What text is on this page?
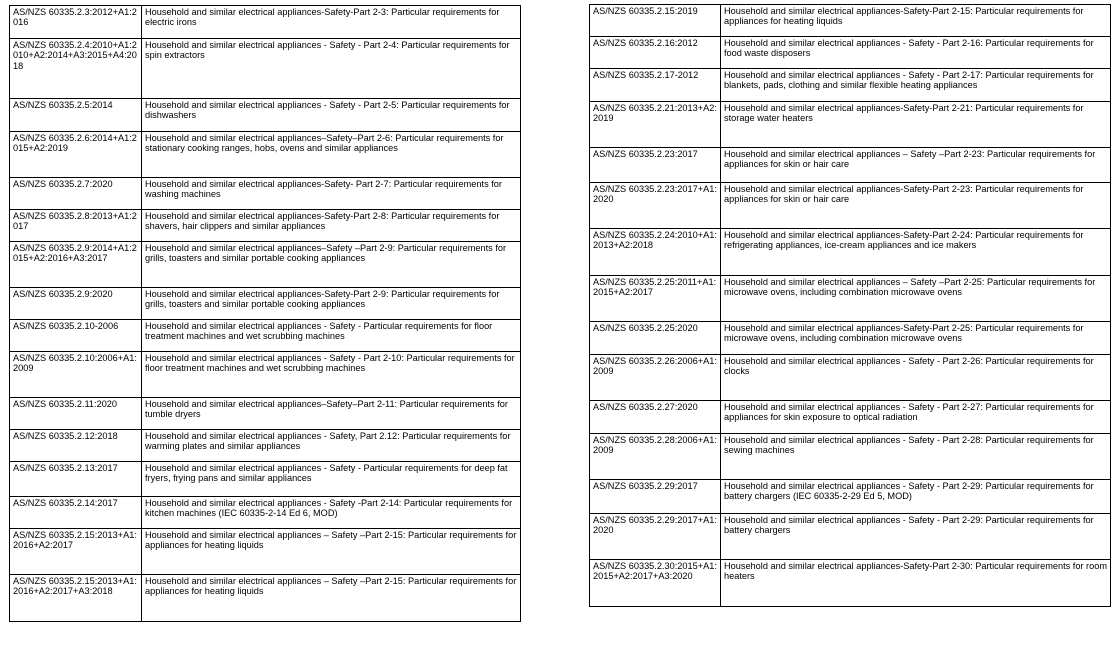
AS/NZS 60335.2.3:2012+A1:2016	Household and similar electrical appliances-Safety-Part 2-3: Particular requirements for electric irons
AS/NZS 60335.2.4:2010+A1:2010+A2:2014+A3:2015+A4:2018	Household and similar electrical appliances - Safety - Part 2-4: Particular requirements for spin extractors
AS/NZS 60335.2.5:2014	Household and similar electrical appliances - Safety - Part 2-5: Particular requirements for dishwashers
AS/NZS 60335.2.6:2014+A1:2015+A2:2019	Household and similar electrical appliances–Safety–Part 2-6: Particular requirements for stationary cooking ranges, hobs, ovens and similar appliances
AS/NZS 60335.2.7:2020	Household and similar electrical appliances-Safety- Part 2-7: Particular requirements for washing machines
AS/NZS 60335.2.8:2013+A1:2017	Household and similar electrical appliances-Safety-Part 2-8: Particular requirements for shavers, hair clippers and similar appliances
AS/NZS 60335.2.9:2014+A1:2015+A2:2016+A3:2017	Household and similar electrical appliances–Safety –Part 2-9: Particular requirements for grills, toasters and similar portable cooking appliances
AS/NZS 60335.2.9:2020	Household and similar electrical appliances-Safety-Part 2-9: Particular requirements for grills, toasters and similar portable cooking appliances
AS/NZS 60335.2.10-2006	Household and similar electrical appliances - Safety - Particular requirements for floor treatment machines and wet scrubbing machines
AS/NZS 60335.2.10:2006+A1:2009	Household and similar electrical appliances - Safety - Part 2-10: Particular requirements for floor treatment machines and wet scrubbing machines
AS/NZS 60335.2.11:2020	Household and similar electrical appliances–Safety–Part 2-11: Particular requirements for tumble dryers
AS/NZS 60335.2.12:2018	Household and similar electrical appliances - Safety, Part 2.12: Particular requirements for warming plates and similar appliances
AS/NZS 60335.2.13:2017	Household and similar electrical appliances - Safety - Particular requirements for deep fat fryers, frying pans and similar appliances
AS/NZS 60335.2.14:2017	Household and similar electrical appliances - Safety -Part 2-14: Particular requirements for kitchen machines (IEC 60335-2-14 Ed 6, MOD)
AS/NZS 60335.2.15:2013+A1:2016+A2:2017	Household and similar electrical appliances – Safety –Part 2-15: Particular requirements for appliances for heating liquids
AS/NZS 60335.2.15:2013+A1:2016+A2:2017+A3:2018	Household and similar electrical appliances – Safety –Part 2-15: Particular requirements for appliances for heating liquids
AS/NZS 60335.2.15:2019	Household and similar electrical appliances-Safety-Part 2-15: Particular requirements for appliances for heating liquids
AS/NZS 60335.2.16:2012	Household and similar electrical appliances - Safety - Part 2-16: Particular requirements for food waste disposers
AS/NZS 60335.2.17-2012	Household and similar electrical appliances - Safety - Part 2-17: Particular requirements for blankets, pads, clothing and similar flexible heating appliances
AS/NZS 60335.2.21:2013+A2:2019	Household and similar electrical appliances-Safety-Part 2-21: Particular requirements for storage water heaters
AS/NZS 60335.2.23:2017	Household and similar electrical appliances – Safety –Part 2-23: Particular requirements for appliances for skin or hair care
AS/NZS 60335.2.23:2017+A1:2020	Household and similar electrical appliances-Safety-Part 2-23: Particular requirements for appliances for skin or hair care
AS/NZS 60335.2.24:2010+A1:2013+A2:2018	Household and similar electrical appliances-Safety-Part 2-24: Particular requirements for refrigerating appliances, ice-cream appliances and ice makers
AS/NZS 60335.2.25:2011+A1:2015+A2:2017	Household and similar electrical appliances – Safety –Part 2-25: Particular requirements for microwave ovens, including combination microwave ovens
AS/NZS 60335.2.25:2020	Household and similar electrical appliances-Safety-Part 2-25: Particular requirements for microwave ovens, including combination microwave ovens
AS/NZS 60335.2.26:2006+A1:2009	Household and similar electrical appliances - Safety - Part 2-26: Particular requirements for clocks
AS/NZS 60335.2.27:2020	Household and similar electrical appliances - Safety - Part 2-27: Particular requirements for appliances for skin exposure to optical radiation
AS/NZS 60335.2.28:2006+A1:2009	Household and similar electrical appliances - Safety - Part 2-28: Particular requirements for sewing machines
AS/NZS 60335.2.29:2017	Household and similar electrical appliances - Safety - Part 2-29: Particular requirements for battery chargers (IEC 60335-2-29 Ed 5, MOD)
AS/NZS 60335.2.29:2017+A1:2020	Household and similar electrical appliances - Safety - Part 2-29: Particular requirements for battery chargers
AS/NZS 60335.2.30:2015+A1:2015+A2:2017+A3:2020	Household and similar electrical appliances-Safety-Part 2-30: Particular requirements for room heaters
